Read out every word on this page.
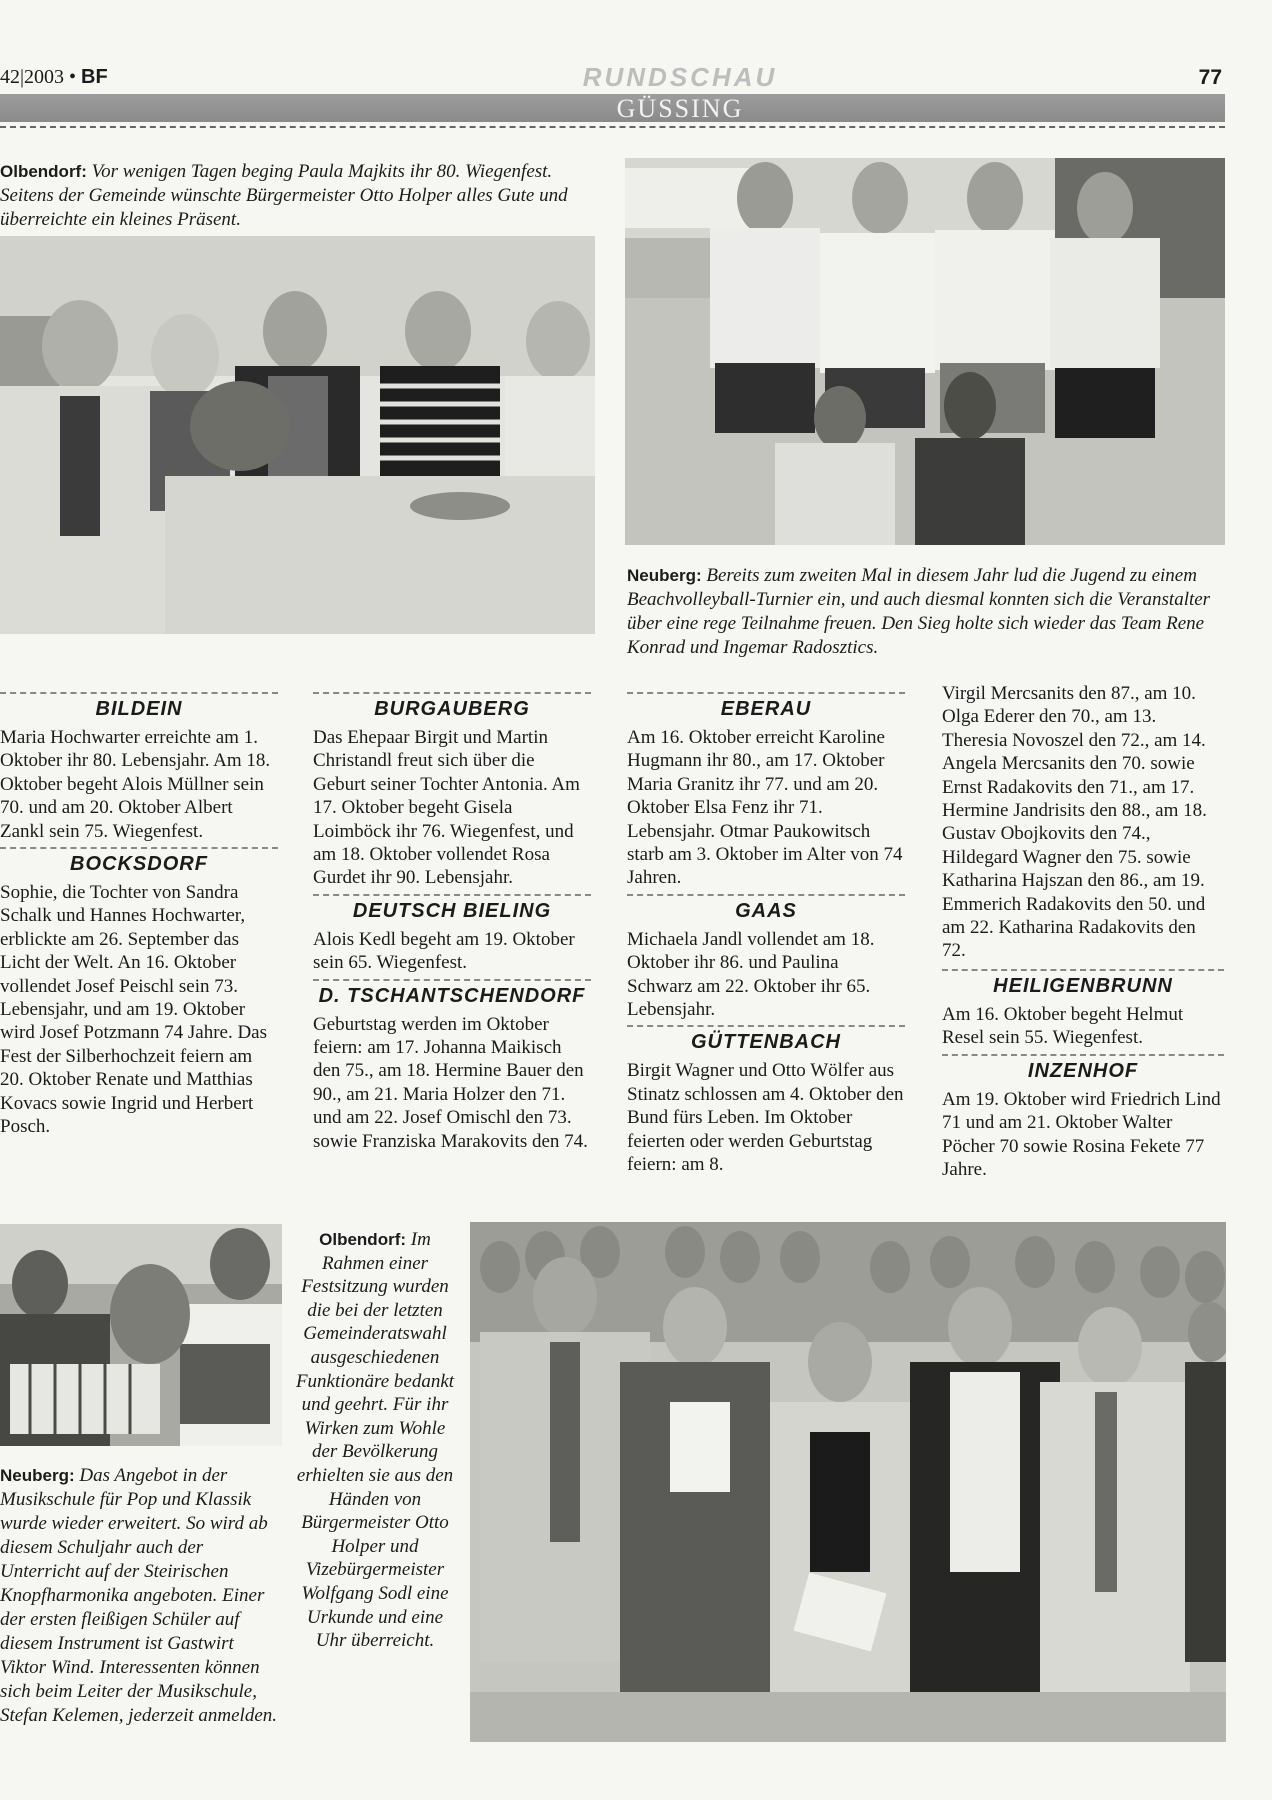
42|2003 • BF	RUNDSCHAU	77
GÜSSING
Olbendorf: Vor wenigen Tagen beging Paula Majkits ihr 80. Wiegenfest. Seitens der Gemeinde wünschte Bürgermeister Otto Holper alles Gute und überreichte ein kleines Präsent.
Neuberg: Bereits zum zweiten Mal in diesem Jahr lud die Jugend zu einem Beachvolleyball-Turnier ein, und auch diesmal konnten sich die Veranstalter über eine rege Teilnahme freuen. Den Sieg holte sich wieder das Team Rene Konrad und Ingemar Radosztics.
BILDEIN

Maria Hochwarter erreichte am 1. Oktober ihr 80. Lebensjahr. Am 18. Oktober begeht Alois Müllner sein 70. und am 20. Oktober Albert Zankl sein 75. Wiegenfest.

BOCKSDORF

Sophie, die Tochter von Sandra Schalk und Hannes Hochwarter, erblickte am 26. September das Licht der Welt. An 16. Oktober vollendet Josef Peischl sein 73. Lebensjahr, und am 19. Oktober wird Josef Potzmann 74 Jahre. Das Fest der Silberhochzeit feiern am 20. Oktober Renate und Matthias Kovacs sowie Ingrid und Herbert Posch.

BURGAUBERG

Das Ehepaar Birgit und Martin Christandl freut sich über die Geburt seiner Tochter Antonia. Am 17. Oktober begeht Gisela Loimböck ihr 76. Wiegenfest, und am 18. Oktober vollendet Rosa Gurdet ihr 90. Lebensjahr.

DEUTSCH BIELING

Alois Kedl begeht am 19. Oktober sein 65. Wiegenfest.

D. TSCHANTSCHENDORF

Geburtstag werden im Oktober feiern: am 17. Johanna Maikisch den 75., am 18. Hermine Bauer den 90., am 21. Maria Holzer den 71. und am 22. Josef Omischl den 73. sowie Franziska Marakovits den 74.

EBERAU

Am 16. Oktober erreicht Karoline Hugmann ihr 80., am 17. Oktober Maria Granitz ihr 77. und am 20. Oktober Elsa Fenz ihr 71. Lebensjahr. Otmar Paukowitsch starb am 3. Oktober im Alter von 74 Jahren.

GAAS

Michaela Jandl vollendet am 18. Oktober ihr 86. und Paulina Schwarz am 22. Oktober ihr 65. Lebensjahr.

GÜTTENBACH

Birgit Wagner und Otto Wölfer aus Stinatz schlossen am 4. Oktober den Bund fürs Leben. Im Oktober feierten oder werden Geburtstag feiern: am 8.

Virgil Mercsanits den 87., am 10. Olga Ederer den 70., am 13. Theresia Novoszel den 72., am 14. Angela Mercsanits den 70. sowie Ernst Radakovits den 71., am 17. Hermine Jandrisits den 88., am 18. Gustav Obojkovits den 74., Hildegard Wagner den 75. sowie Katharina Hajszan den 86., am 19. Emmerich Radakovits den 50. und am 22. Katharina Radakovits den 72.

HEILIGENBRUNN

Am 16. Oktober begeht Helmut Resel sein 55. Wiegenfest.

INZENHOF

Am 19. Oktober wird Friedrich Lind 71 und am 21. Oktober Walter Pöcher 70 sowie Rosina Fekete 77 Jahre.

Neuberg: Das Angebot in der Musikschule für Pop und Klassik wurde wieder erweitert. So wird ab diesem Schuljahr auch der Unterricht auf der Steirischen Knopfharmonika angeboten. Einer der ersten fleißigen Schüler auf diesem Instrument ist Gastwirt Viktor Wind. Interessenten können sich beim Leiter der Musikschule, Stefan Kelemen, jederzeit anmelden.
Olbendorf: Im Rahmen einer Festsitzung wurden die bei der letzten Gemeinderatswahl ausgeschiedenen Funktionäre bedankt und geehrt. Für ihr Wirken zum Wohle der Bevölkerung erhielten sie aus den Händen von Bürgermeister Otto Holper und Vizebürgermeister Wolfgang Sodl eine Urkunde und eine Uhr überreicht.
